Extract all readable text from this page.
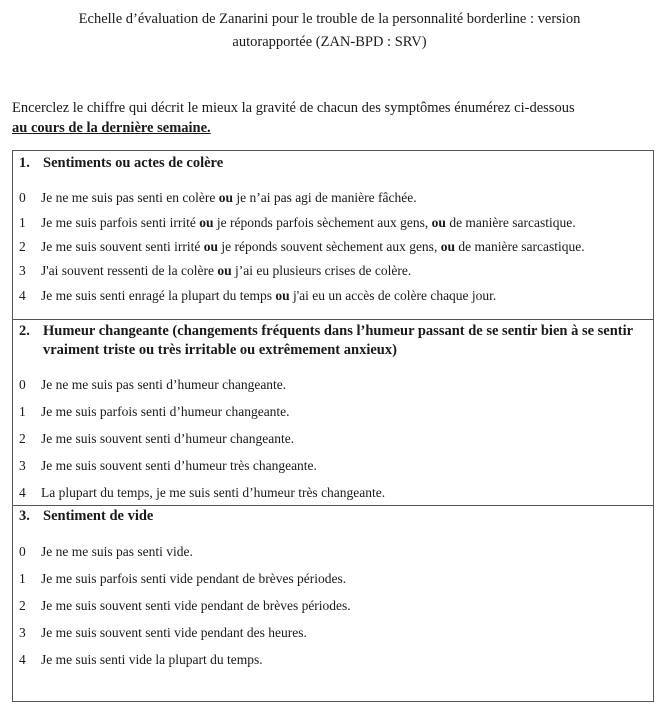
Echelle d’évaluation de Zanarini pour le trouble de la personnalité borderline : version
autorapportée (ZAN-BPD : SRV)
Encerclez le chiffre qui décrit le mieux la gravité de chacun des symptômes énumérez ci-dessous
au cours de la dernière semaine.
1. Sentiments ou actes de colère
0	Je ne me suis pas senti en colère ou je n’ai pas agi de manière fâchée.
1	Je me suis parfois senti irrité ou je réponds parfois sèchement aux gens, ou de manière sarcastique.
2	Je me suis souvent senti irrité ou je réponds souvent sèchement aux gens, ou de manière sarcastique.
3	J'ai souvent ressenti de la colère ou j’ai eu plusieurs crises de colère.
4	Je me suis senti enragé la plupart du temps ou j'ai eu un accès de colère chaque jour.
2. Humeur changeante (changements fréquents dans l’humeur passant de se sentir bien à se sentir vraiment triste ou très irritable ou extrêmement anxieux)
0	Je ne me suis pas senti d’humeur changeante.
1	Je me suis parfois senti d’humeur changeante.
2	Je me suis souvent senti d’humeur changeante.
3	Je me suis souvent senti d’humeur très changeante.
4	La plupart du temps, je me suis senti d’humeur très changeante.
3. Sentiment de vide
0	Je ne me suis pas senti vide.
1	Je me suis parfois senti vide pendant de brèves périodes.
2	Je me suis souvent senti vide pendant de brèves périodes.
3	Je me suis souvent senti vide pendant des heures.
4	Je me suis senti vide la plupart du temps.
